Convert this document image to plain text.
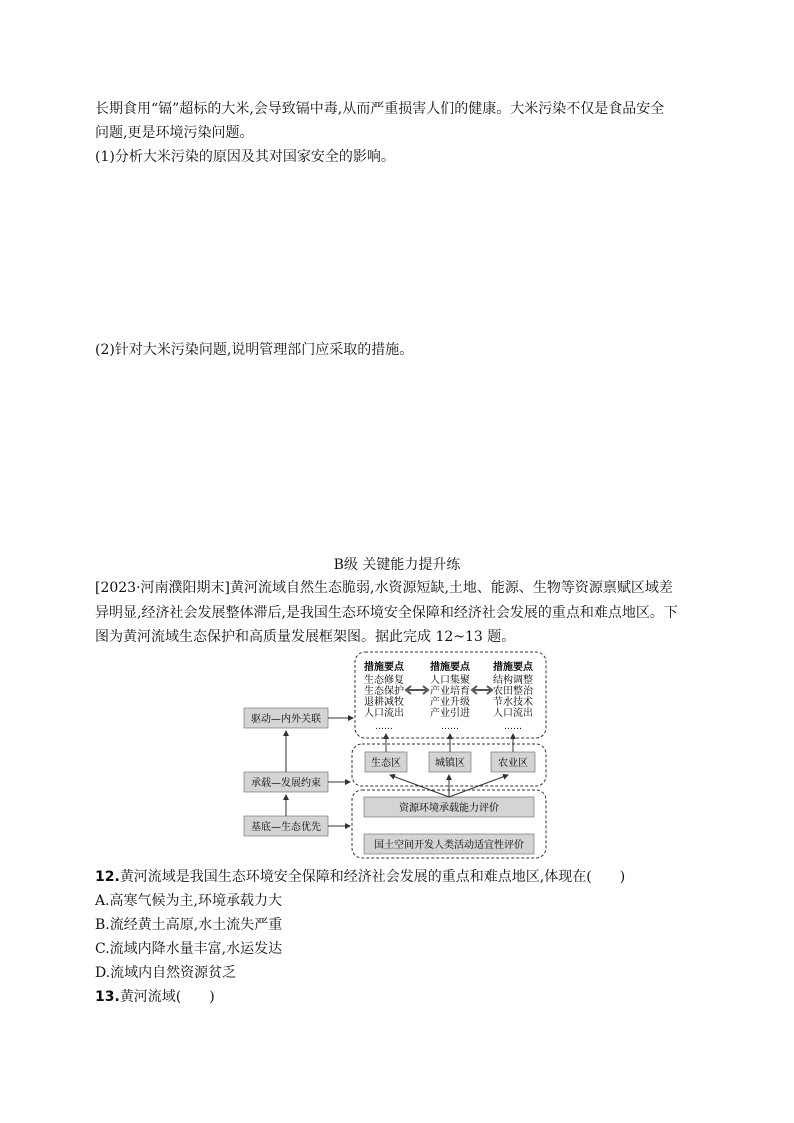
长期食用“镉”超标的大米,会导致镉中毒,从而严重损害人们的健康。大米污染不仅是食品安全
问题,更是环境污染问题。
(1)分析大米污染的原因及其对国家安全的影响。
(2)针对大米污染问题,说明管理部门应采取的措施。
B级 关键能力提升练
[2023·河南濮阳期末]黄河流域自然生态脆弱,水资源短缺,土地、能源、生物等资源禀赋区域差
异明显,经济社会发展整体滞后,是我国生态环境安全保障和经济社会发展的重点和难点地区。下
图为黄河流域生态保护和高质量发展框架图。据此完成 12~13 题。
措施要点
生态修复
生态保护
退耕减牧
人口流出
……
措施要点
人口集聚
产业培育
产业升级
产业引进
……
措施要点
结构调整
农田整治
节水技术
人口流出
……
生态区	城镇区	农业区
资源环境承载能力评价
国土空间开发人类活动适宜性评价
驱动—内外关联
承载—发展约束
基底—生态优先
12.黄河流域是我国生态环境安全保障和经济社会发展的重点和难点地区,体现在(　　)
A.高寒气候为主,环境承载力大
B.流经黄土高原,水土流失严重
C.流域内降水量丰富,水运发达
D.流域内自然资源贫乏
13.黄河流域(　　)
